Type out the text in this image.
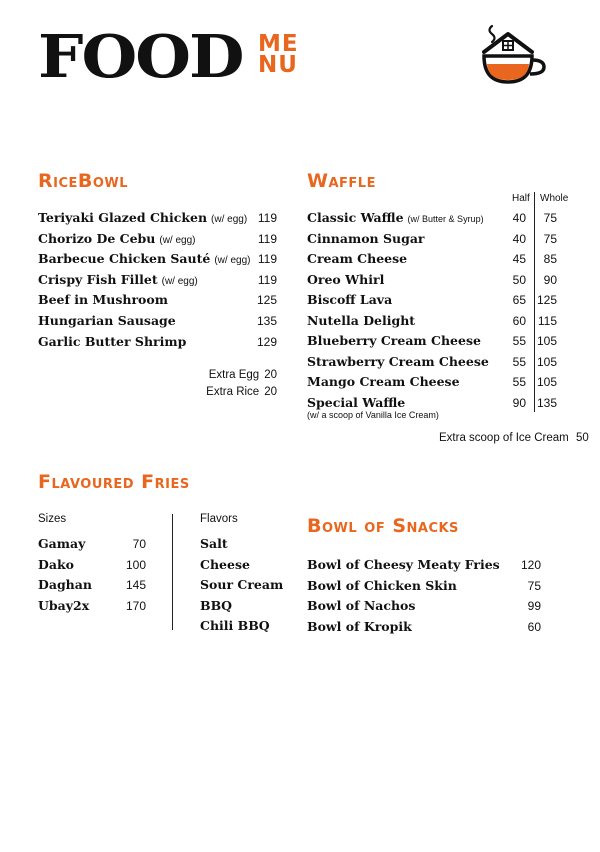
FOOD ME
NU
RiceBowl
Teriyaki Glazed Chicken (w/ egg) 119
Chorizo De Cebu (w/ egg)	119
Barbecue Chicken Sauté (w/ egg) 119
Crispy Fish Fillet (w/ egg)	119
Beef in Mushroom	125
Hungarian Sausage	135
Garlic Butter Shrimp	129
Extra Egg 20
Extra Rice 20
Waffle
Half Whole
Classic Waffle (w/ Butter & Syrup) 40 75
Cinnamon Sugar	40 75
Cream Cheese	45 85
Oreo Whirl	50 90
Biscoff Lava	65 125
Nutella Delight	60 115
Blueberry Cream Cheese	55 105
Strawberry Cream Cheese 55 105
Mango Cream Cheese	55 105
Special Waffle	90 135
(w/ a scoop of Vanilla Ice Cream)
Extra scoop of Ice Cream 50
Flavoured Fries
Sizes	Flavors
Gamay	70
Dako	100
Daghan	145
Ubay2x	170
Salt
Cheese
Sour Cream
BBQ
Chili BBQ
Bowl of Snacks
Bowl of Cheesy Meaty Fries 120
Bowl of Chicken Skin	75
Bowl of Nachos	99
Bowl of Kropik	60
